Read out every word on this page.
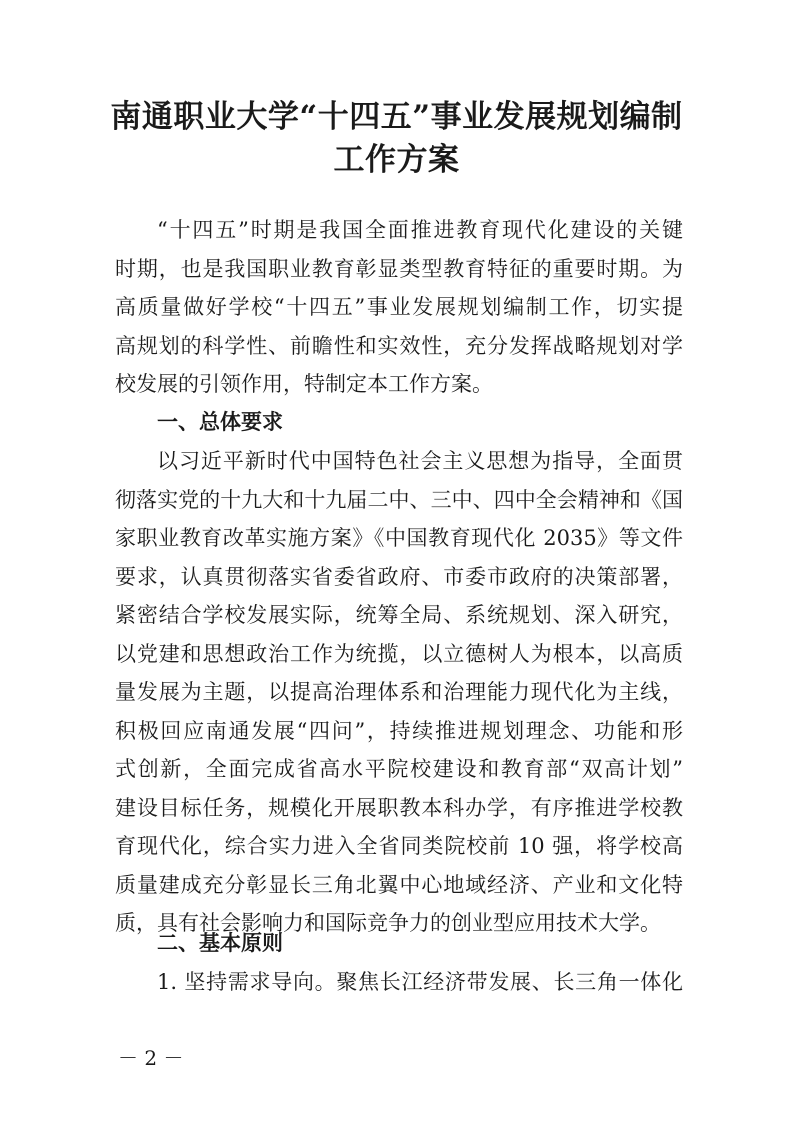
南通职业大学“十四五”事业发展规划编制
工作方案
“十四五”时期是我国全面推进教育现代化建设的关键
时期，也是我国职业教育彰显类型教育特征的重要时期。为
高质量做好学校“十四五”事业发展规划编制工作，切实提
高规划的科学性、前瞻性和实效性，充分发挥战略规划对学
校发展的引领作用，特制定本工作方案。
一、总体要求
以习近平新时代中国特色社会主义思想为指导，全面贯
彻落实党的十九大和十九届二中、三中、四中全会精神和《国
家职业教育改革实施方案》《中国教育现代化 2035》等文件
要求，认真贯彻落实省委省政府、市委市政府的决策部署，
紧密结合学校发展实际，统筹全局、系统规划、深入研究，
以党建和思想政治工作为统揽，以立德树人为根本，以高质
量发展为主题，以提高治理体系和治理能力现代化为主线，
积极回应南通发展“四问”，持续推进规划理念、功能和形
式创新，全面完成省高水平院校建设和教育部“双高计划”
建设目标任务，规模化开展职教本科办学，有序推进学校教
育现代化，综合实力进入全省同类院校前 10 强，将学校高
质量建成充分彰显长三角北翼中心地域经济、产业和文化特
质，具有社会影响力和国际竞争力的创业型应用技术大学。
二、基本原则
1. 坚持需求导向。聚焦长江经济带发展、长三角一体化
－ 2 －
